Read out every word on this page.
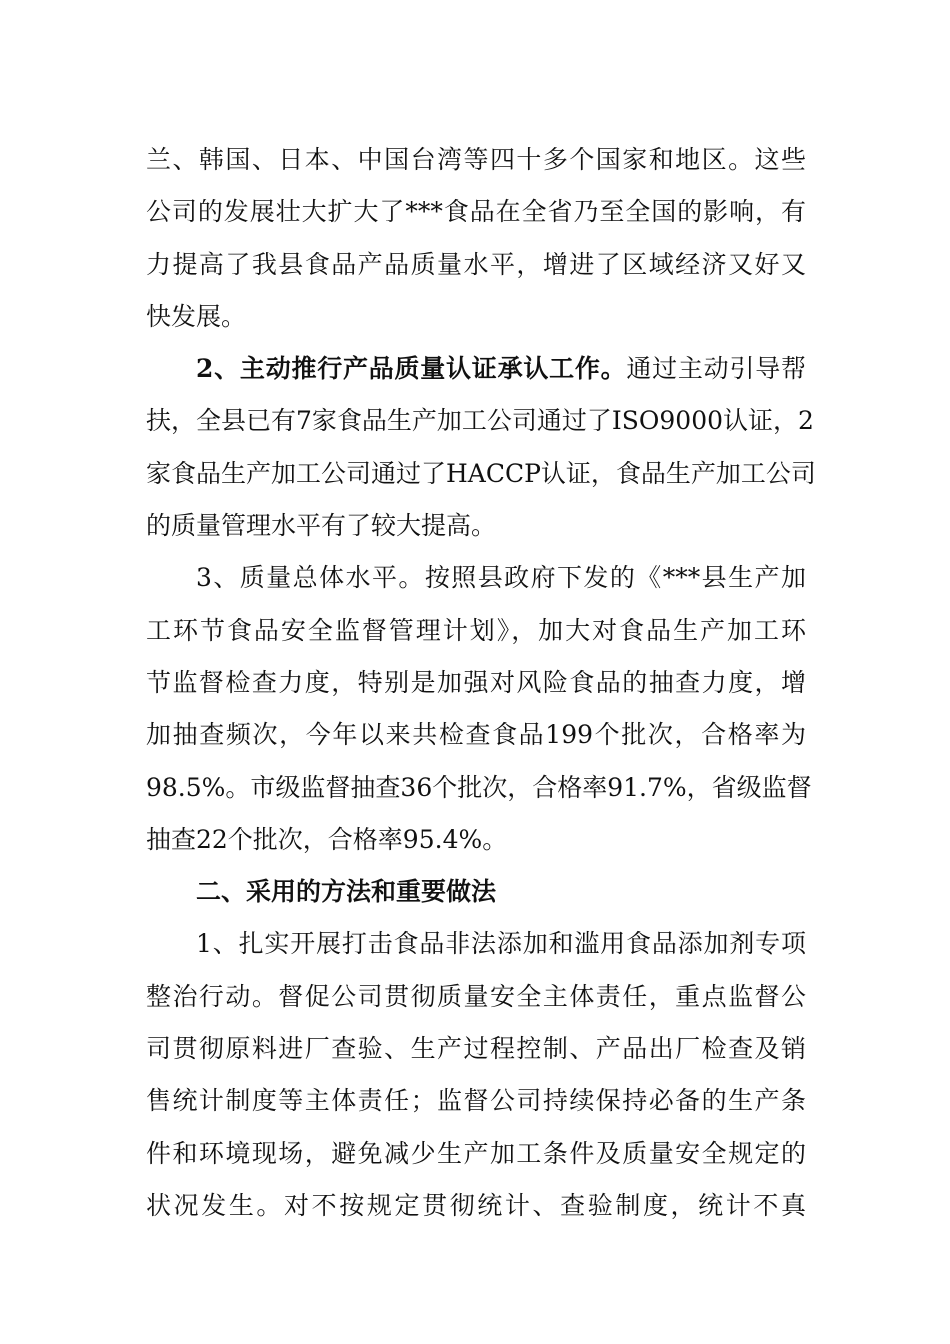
兰、韩国、日本、中国台湾等四十多个国家和地区。这些
公司的发展壮大扩大了***食品在全省乃至全国的影响，有
力提高了我县食品产品质量水平，增进了区域经济又好又
快发展。
2、主动推行产品质量认证承认工作。通过主动引导帮
扶，全县已有7家食品生产加工公司通过了ISO9000认证，2
家食品生产加工公司通过了HACCP认证，食品生产加工公司
的质量管理水平有了较大提高。
3、质量总体水平。按照县政府下发的《***县生产加
工环节食品安全监督管理计划》，加大对食品生产加工环
节监督检查力度，特别是加强对风险食品的抽查力度，增
加抽查频次，今年以来共检查食品199个批次，合格率为
98.5%。市级监督抽查36个批次，合格率91.7%，省级监督
抽查22个批次，合格率95.4%。
二、采用的方法和重要做法
1、扎实开展打击食品非法添加和滥用食品添加剂专项
整治行动。督促公司贯彻质量安全主体责任，重点监督公
司贯彻原料进厂查验、生产过程控制、产品出厂检查及销
售统计制度等主体责任；监督公司持续保持必备的生产条
件和环境现场，避免减少生产加工条件及质量安全规定的
状况发生。对不按规定贯彻统计、查验制度，统计不真
